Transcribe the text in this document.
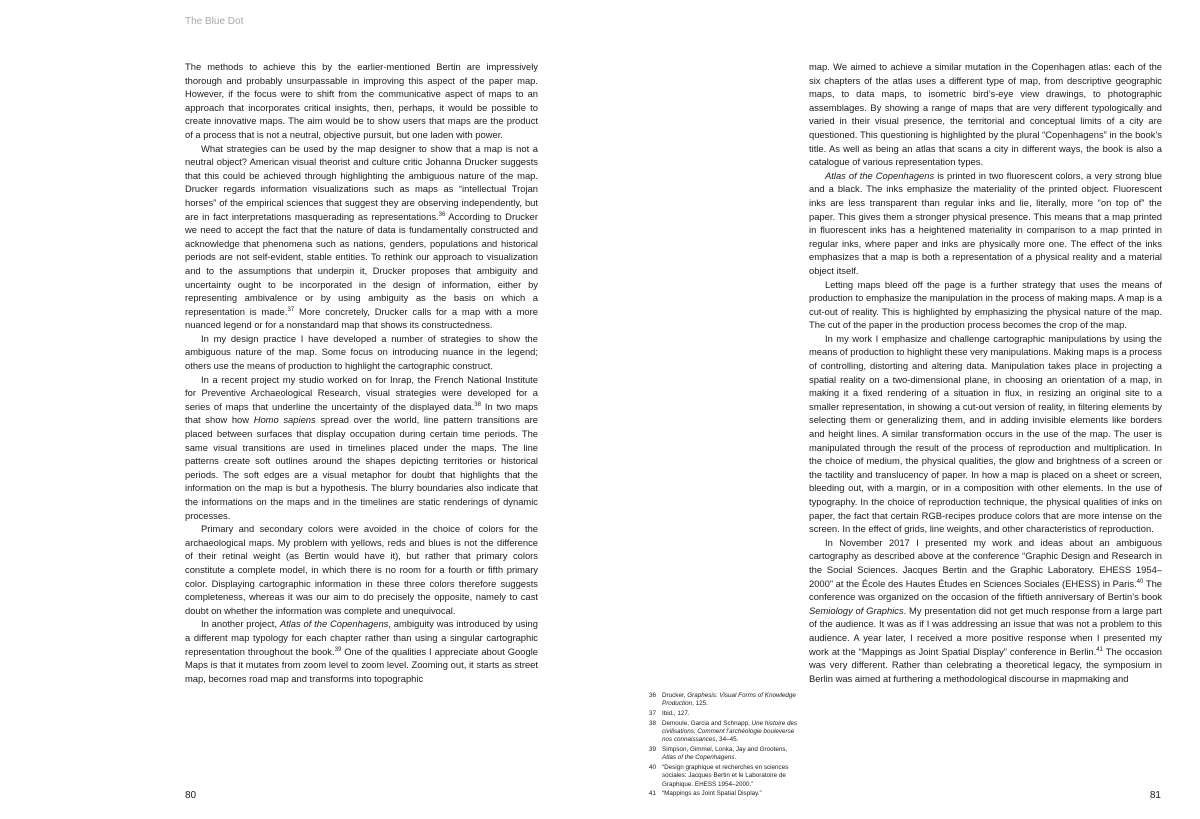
The Blue Dot

The methods to achieve this by the earlier-mentioned Bertin are impressively thorough and probably unsurpassable in improving this aspect of the paper map. However, if the focus were to shift from the communicative aspect of maps to an approach that incorporates critical insights, then, perhaps, it would be possible to create innovative maps. The aim would be to show users that maps are the product of a process that is not a neutral, objective pursuit, but one laden with power.

What strategies can be used by the map designer to show that a map is not a neutral object? American visual theorist and culture critic Johanna Drucker suggests that this could be achieved through highlighting the ambiguous nature of the map. Drucker regards information visualizations such as maps as “intellectual Trojan horses” of the empirical sciences that suggest they are observing independently, but are in fact interpretations masquerading as representations.$^{36}$ According to Drucker we need to accept the fact that the nature of data is fundamentally constructed and acknowledge that phenomena such as nations, genders, populations and historical periods are not self-evident, stable entities. To rethink our approach to visualization and to the assumptions that underpin it, Drucker proposes that ambiguity and uncertainty ought to be incorporated in the design of information, either by representing ambivalence or by using ambiguity as the basis on which a representation is made.$^{37}$ More concretely, Drucker calls for a map with a more nuanced legend or for a nonstandard map that shows its constructedness.

In my design practice I have developed a number of strategies to show the ambiguous nature of the map. Some focus on introducing nuance in the legend; others use the means of production to highlight the cartographic construct.

In a recent project my studio worked on for Inrap, the French National Institute for Preventive Archaeological Research, visual strategies were developed for a series of maps that underline the uncertainty of the displayed data.$^{38}$ In two maps that show how Homo sapiens spread over the world, line pattern transitions are placed between surfaces that display occupation during certain time periods. The same visual transitions are used in timelines placed under the maps. The line patterns create soft outlines around the shapes depicting territories or historical periods. The soft edges are a visual metaphor for doubt that highlights that the information on the map is but a hypothesis. The blurry boundaries also indicate that the informations on the maps and in the timelines are static renderings of dynamic processes.

Primary and secondary colors were avoided in the choice of colors for the archaeological maps. My problem with yellows, reds and blues is not the difference of their retinal weight (as Bertin would have it), but rather that primary colors constitute a complete model, in which there is no room for a fourth or fifth primary color. Displaying cartographic information in these three colors therefore suggests completeness, whereas it was our aim to do precisely the opposite, namely to cast doubt on whether the information was complete and unequivocal.

In another project, Atlas of the Copenhagens, ambiguity was introduced by using a different map typology for each chapter rather than using a singular cartographic representation throughout the book.$^{39}$ One of the qualities I appreciate about Google Maps is that it mutates from zoom level to zoom level. Zooming out, it starts as street map, becomes road map and transforms into topographic

map. We aimed to achieve a similar mutation in the Copenhagen atlas: each of the six chapters of the atlas uses a different type of map, from descriptive geographic maps, to data maps, to isometric bird’s-eye view drawings, to photographic assemblages. By showing a range of maps that are very different typologically and varied in their visual presence, the territorial and conceptual limits of a city are questioned. This questioning is highlighted by the plural “Copenhagens” in the book’s title. As well as being an atlas that scans a city in different ways, the book is also a catalogue of various representation types.

Atlas of the Copenhagens is printed in two fluorescent colors, a very strong blue and a black. The inks emphasize the materiality of the printed object. Fluorescent inks are less transparent than regular inks and lie, literally, more “on top of” the paper. This gives them a stronger physical presence. This means that a map printed in fluorescent inks has a heightened materiality in comparison to a map printed in regular inks, where paper and inks are physically more one. The effect of the inks emphasizes that a map is both a representation of a physical reality and a material object itself.

Letting maps bleed off the page is a further strategy that uses the means of production to emphasize the manipulation in the process of making maps. A map is a cut-out of reality. This is highlighted by emphasizing the physical nature of the map. The cut of the paper in the production process becomes the crop of the map.

In my work I emphasize and challenge cartographic manipulations by using the means of production to highlight these very manipulations. Making maps is a process of controlling, distorting and altering data. Manipulation takes place in projecting a spatial reality on a two-dimensional plane, in choosing an orientation of a map, in making it a fixed rendering of a situation in flux, in resizing an original site to a smaller representation, in showing a cut-out version of reality, in filtering elements by selecting them or generalizing them, and in adding invisible elements like borders and height lines. A similar transformation occurs in the use of the map. The user is manipulated through the result of the process of reproduction and multiplication. In the choice of medium, the physical qualities, the glow and brightness of a screen or the tactility and translucency of paper. In how a map is placed on a sheet or screen, bleeding out, with a margin, or in a composition with other elements. In the use of typography. In the choice of reproduction technique, the physical qualities of inks on paper, the fact that certain RGB-recipes produce colors that are more intense on the screen. In the effect of grids, line weights, and other characteristics of reproduction.

In November 2017 I presented my work and ideas about an ambiguous cartography as described above at the conference “Graphic Design and Research in the Social Sciences. Jacques Bertin and the Graphic Laboratory. EHESS 1954–2000” at the École des Hautes Études en Sciences Sociales (EHESS) in Paris.$^{40}$ The conference was organized on the occasion of the fiftieth anniversary of Bertin’s book Semiology of Graphics. My presentation did not get much response from a large part of the audience. It was as if I was addressing an issue that was not a problem to this audience. A year later, I received a more positive response when I presented my work at the “Mappings as Joint Spatial Display” conference in Berlin.$^{41}$ The occasion was very different. Rather than celebrating a theoretical legacy, the symposium in Berlin was aimed at furthering a methodological discourse in mapmaking and

36 Drucker, Graphesis: Visual Forms of Knowledge Production, 125.
37 Ibid., 127.
38 Demoule, Garcia and Schnapp, Une histoire des civilisations: Comment l’archéologie bouleverse nos connaissances, 34–45.
39 Simpson, Gimmel, Lonka, Jay and Grootens, Atlas of the Copenhagens.
40 “Design graphique et recherches en sciences sociales: Jacques Bertin et le Laboratoire de Graphique. EHESS 1954–2000.”
41 “Mappings as Joint Spatial Display.”
80	81
